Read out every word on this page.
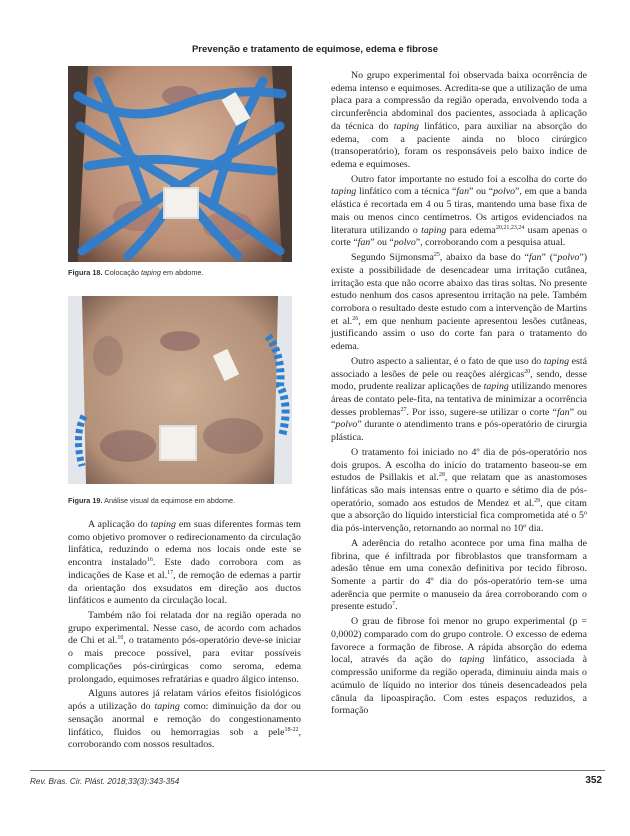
Prevenção e tratamento de equimose, edema e fibrose
Figura 18. Colocação taping em abdome.
Figura 19. Análise visual da equimose em abdome.

A aplicação do taping em suas diferentes formas tem como objetivo promover o redirecionamento da circulação linfática, reduzindo o edema nos locais onde este se encontra instalado$^{16}$. Este dado corrobora com as indicações de Kase et al.$^{17}$, de remoção de edemas a partir da orientação dos exsudatos em direção aos ductos linfáticos e aumento da circulação local.

Também não foi relatada dor na região operada no grupo experimental. Nesse caso, de acordo com achados de Chi et al.$^{10}$, o tratamento pós-operatório deve-se iniciar o mais precoce possível, para evitar possíveis complicações pós-cirúrgicas como seroma, edema prolongado, equimoses refratárias e quadro álgico intenso.

Alguns autores já relatam vários efeitos fisiológicos após a utilização do taping como: diminuição da dor ou sensação anormal e remoção do congestionamento linfático, fluidos ou hemorragias sob a pele$^{18-22}$, corroborando com nossos resultados.

No grupo experimental foi observada baixa ocorrência de edema intenso e equimoses. Acredita-se que a utilização de uma placa para a compressão da região operada, envolvendo toda a circunferência abdominal dos pacientes, associada à aplicação da técnica do taping linfático, para auxiliar na absorção do edema, com a paciente ainda no bloco cirúrgico (transoperatório), foram os responsáveis pelo baixo índice de edema e equimoses.

Outro fator importante no estudo foi a escolha do corte do taping linfático com a técnica “fan” ou “polvo”, em que a banda elástica é recortada em 4 ou 5 tiras, mantendo uma base fixa de mais ou menos cinco centímetros. Os artigos evidenciados na literatura utilizando o taping para edema$^{20,21,23,24}$ usam apenas o corte “fan” ou “polvo”, corroborando com a pesquisa atual.

Segundo Sijmonsma$^{25}$, abaixo da base do “fan” (“polvo”) existe a possibilidade de desencadear uma irritação cutânea, irritação esta que não ocorre abaixo das tiras soltas. No presente estudo nenhum dos casos apresentou irritação na pele. Também corrobora o resultado deste estudo com a intervenção de Martins et al.$^{26}$, em que nenhum paciente apresentou lesões cutâneas, justificando assim o uso do corte fan para o tratamento do edema.

Outro aspecto a salientar, é o fato de que uso do taping está associado a lesões de pele ou reações alérgicas$^{20}$, sendo, desse modo, prudente realizar aplicações de taping utilizando menores áreas de contato pele-fita, na tentativa de minimizar a ocorrência desses problemas$^{27}$. Por isso, sugere-se utilizar o corte “fan” ou “polvo” durante o atendimento trans e pós-operatório de cirurgia plástica.

O tratamento foi iniciado no 4º dia de pós-operatório nos dois grupos. A escolha do início do tratamento baseou-se em estudos de Psillakis et al.$^{28}$, que relatam que as anastomoses linfáticas são mais intensas entre o quarto e sétimo dia de pós-operatório, somado aos estudos de Mendez et al.$^{29}$, que citam que a absorção do líquido intersticial fica comprometida até o 5º dia pós-intervenção, retornando ao normal no 10º dia.

A aderência do retalho acontece por uma fina malha de fibrina, que é infiltrada por fibroblastos que transformam a adesão tênue em uma conexão definitiva por tecido fibroso. Somente a partir do 4º dia do pós-operatório tem-se uma aderência que permite o manuseio da área corroborando com o presente estudo$^7$.

O grau de fibrose foi menor no grupo experimental (p = 0,0002) comparado com do grupo controle. O excesso de edema favorece a formação de fibrose. A rápida absorção do edema local, através da ação do taping linfático, associada à compressão uniforme da região operada, diminuiu ainda mais o acúmulo de líquido no interior dos túneis desencadeados pela cânula da lipoaspiração. Com estes espaços reduzidos, a formação

Rev. Bras. Cir. Plást. 2018;33(3):343-354	352
